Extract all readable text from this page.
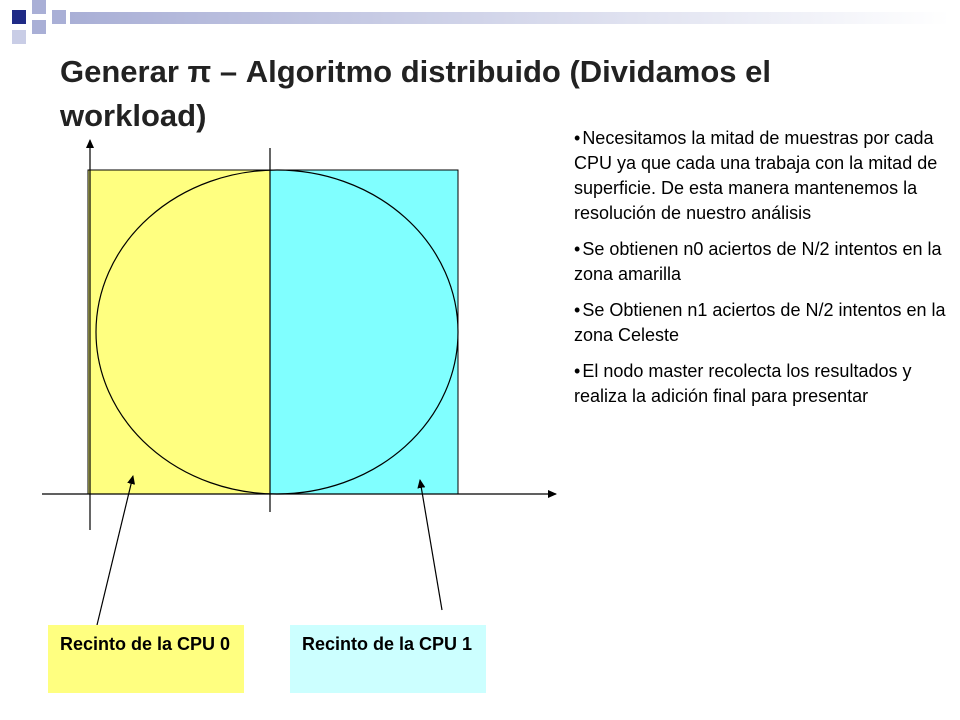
Generar π – Algoritmo distribuido (Dividamos el workload)
• Necesitamos la mitad de muestras por cada CPU ya que cada una trabaja con la mitad de superficie. De esta manera mantenemos la resolución de nuestro análisis
• Se obtienen n0 aciertos de N/2 intentos en la zona amarilla
• Se Obtienen n1 aciertos de N/2 intentos en la zona Celeste
• El nodo master recolecta los resultados y realiza la adición final para presentar
Recinto de la CPU 0	Recinto de la CPU 1
